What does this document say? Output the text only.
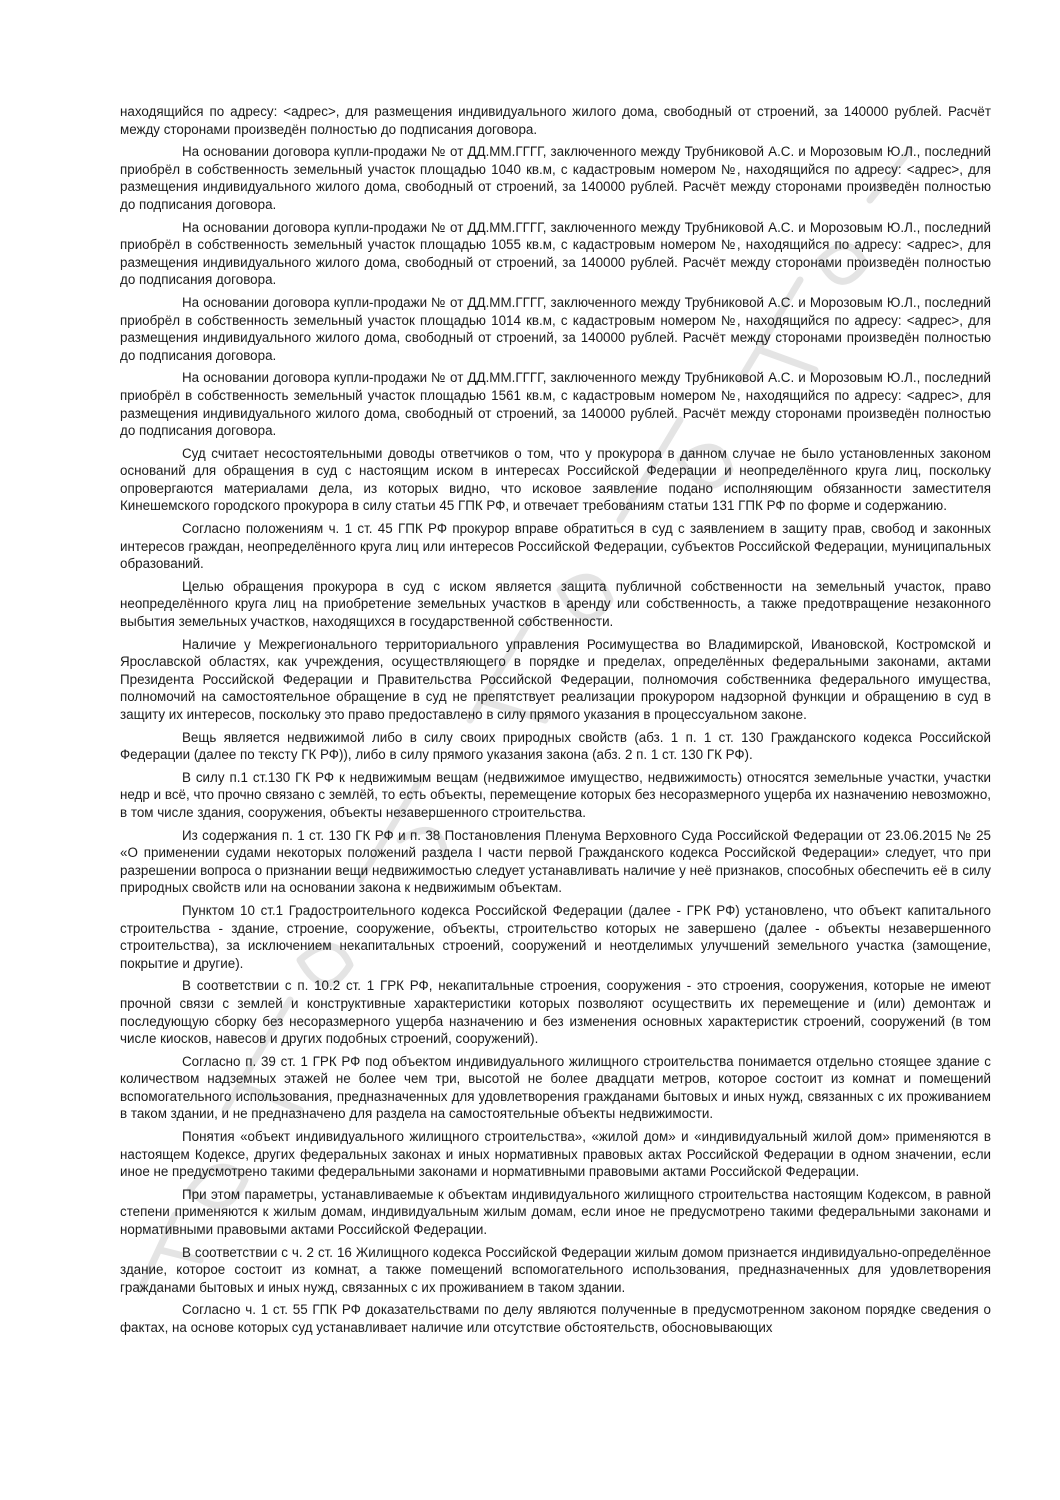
находящийся по адресу: <адрес>, для размещения индивидуального жилого дома, свободный от строений, за 140000 рублей. Расчёт между сторонами произведён полностью до подписания договора.

На основании договора купли-продажи № от ДД.ММ.ГГГГ, заключенного между Трубниковой А.С. и Морозовым Ю.Л., последний приобрёл в собственность земельный участок площадью 1040 кв.м, с кадастровым номером №, находящийся по адресу: <адрес>, для размещения индивидуального жилого дома, свободный от строений, за 140000 рублей. Расчёт между сторонами произведён полностью до подписания договора.

На основании договора купли-продажи № от ДД.ММ.ГГГГ, заключенного между Трубниковой А.С. и Морозовым Ю.Л., последний приобрёл в собственность земельный участок площадью 1055 кв.м, с кадастровым номером №, находящийся по адресу: <адрес>, для размещения индивидуального жилого дома, свободный от строений, за 140000 рублей. Расчёт между сторонами произведён полностью до подписания договора.

На основании договора купли-продажи № от ДД.ММ.ГГГГ, заключенного между Трубниковой А.С. и Морозовым Ю.Л., последний приобрёл в собственность земельный участок площадью 1014 кв.м, с кадастровым номером №, находящийся по адресу: <адрес>, для размещения индивидуального жилого дома, свободный от строений, за 140000 рублей. Расчёт между сторонами произведён полностью до подписания договора.

На основании договора купли-продажи № от ДД.ММ.ГГГГ, заключенного между Трубниковой А.С. и Морозовым Ю.Л., последний приобрёл в собственность земельный участок площадью 1561 кв.м, с кадастровым номером №, находящийся по адресу: <адрес>, для размещения индивидуального жилого дома, свободный от строений, за 140000 рублей. Расчёт между сторонами произведён полностью до подписания договора.

Суд считает несостоятельными доводы ответчиков о том, что у прокурора в данном случае не было установленных законом оснований для обращения в суд с настоящим иском в интересах Российской Федерации и неопределённого круга лиц, поскольку опровергаются материалами дела, из которых видно, что исковое заявление подано исполняющим обязанности заместителя Кинешемского городского прокурора в силу статьи 45 ГПК РФ, и отвечает требованиям статьи 131 ГПК РФ по форме и содержанию.

Согласно положениям ч. 1 ст. 45 ГПК РФ прокурор вправе обратиться в суд с заявлением в защиту прав, свобод и законных интересов граждан, неопределённого круга лиц или интересов Российской Федерации, субъектов Российской Федерации, муниципальных образований.

Целью обращения прокурора в суд с иском является защита публичной собственности на земельный участок, право неопределённого круга лиц на приобретение земельных участков в аренду или собственность, а также предотвращение незаконного выбытия земельных участков, находящихся в государственной собственности.

Наличие у Межрегионального территориального управления Росимущества во Владимирской, Ивановской, Костромской и Ярославской областях, как учреждения, осуществляющего в порядке и пределах, определённых федеральными законами, актами Президента Российской Федерации и Правительства Российской Федерации, полномочия собственника федерального имущества, полномочий на самостоятельное обращение в суд не препятствует реализации прокурором надзорной функции и обращению в суд в защиту их интересов, поскольку это право предоставлено в силу прямого указания в процессуальном законе.

Вещь является недвижимой либо в силу своих природных свойств (абз. 1 п. 1 ст. 130 Гражданского кодекса Российской Федерации (далее по тексту ГК РФ)), либо в силу прямого указания закона (абз. 2 п. 1 ст. 130 ГК РФ).

В силу п.1 ст.130 ГК РФ к недвижимым вещам (недвижимое имущество, недвижимость) относятся земельные участки, участки недр и всё, что прочно связано с землёй, то есть объекты, перемещение которых без несоразмерного ущерба их назначению невозможно, в том числе здания, сооружения, объекты незавершенного строительства.

Из содержания п. 1 ст. 130 ГК РФ и п. 38 Постановления Пленума Верховного Суда Российской Федерации от 23.06.2015 № 25 «О применении судами некоторых положений раздела I части первой Гражданского кодекса Российской Федерации» следует, что при разрешении вопроса о признании вещи недвижимостью следует устанавливать наличие у неё признаков, способных обеспечить её в силу природных свойств или на основании закона к недвижимым объектам.

Пунктом 10 ст.1 Градостроительного кодекса Российской Федерации (далее - ГРК РФ) установлено, что объект капитального строительства - здание, строение, сооружение, объекты, строительство которых не завершено (далее - объекты незавершенного строительства), за исключением некапитальных строений, сооружений и неотделимых улучшений земельного участка (замощение, покрытие и другие).

В соответствии с п. 10.2 ст. 1 ГРК РФ, некапитальные строения, сооружения - это строения, сооружения, которые не имеют прочной связи с землей и конструктивные характеристики которых позволяют осуществить их перемещение и (или) демонтаж и последующую сборку без несоразмерного ущерба назначению и без изменения основных характеристик строений, сооружений (в том числе киосков, навесов и других подобных строений, сооружений).

Согласно п. 39 ст. 1 ГРК РФ под объектом индивидуального жилищного строительства понимается отдельно стоящее здание с количеством надземных этажей не более чем три, высотой не более двадцати метров, которое состоит из комнат и помещений вспомогательного использования, предназначенных для удовлетворения гражданами бытовых и иных нужд, связанных с их проживанием в таком здании, и не предназначено для раздела на самостоятельные объекты недвижимости.

Понятия «объект индивидуального жилищного строительства», «жилой дом» и «индивидуальный жилой дом» применяются в настоящем Кодексе, других федеральных законах и иных нормативных правовых актах Российской Федерации в одном значении, если иное не предусмотрено такими федеральными законами и нормативными правовыми актами Российской Федерации.

При этом параметры, устанавливаемые к объектам индивидуального жилищного строительства настоящим Кодексом, в равной степени применяются к жилым домам, индивидуальным жилым домам, если иное не предусмотрено такими федеральными законами и нормативными правовыми актами Российской Федерации.

В соответствии с ч. 2 ст. 16 Жилищного кодекса Российской Федерации жилым домом признается индивидуально-определённое здание, которое состоит из комнат, а также помещений вспомогательного использования, предназначенных для удовлетворения гражданами бытовых и иных нужд, связанных с их проживанием в таком здании.

Согласно ч. 1 ст. 55 ГПК РФ доказательствами по делу являются полученные в предусмотренном законом порядке сведения о фактах, на основе которых суд устанавливает наличие или отсутствие обстоятельств, обосновывающих
